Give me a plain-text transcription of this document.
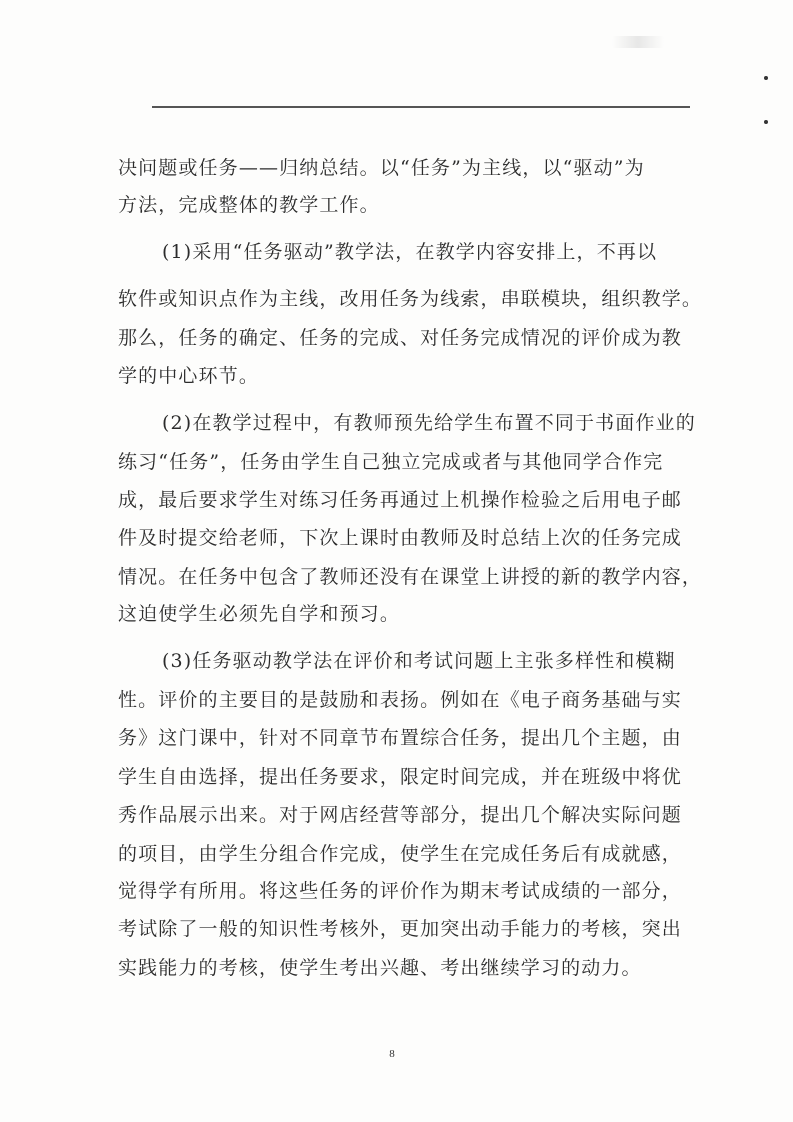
决问题或任务——归纳总结。以“任务”为主线，以“驱动”为
方法，完成整体的教学工作。
(1)采用“任务驱动”教学法，在教学内容安排上，不再以
软件或知识点作为主线，改用任务为线索，串联模块，组织教学。
那么，任务的确定、任务的完成、对任务完成情况的评价成为教
学的中心环节。
(2)在教学过程中，有教师预先给学生布置不同于书面作业的
练习“任务”，任务由学生自己独立完成或者与其他同学合作完
成，最后要求学生对练习任务再通过上机操作检验之后用电子邮
件及时提交给老师，下次上课时由教师及时总结上次的任务完成
情况。在任务中包含了教师还没有在课堂上讲授的新的教学内容，
这迫使学生必须先自学和预习。
(3)任务驱动教学法在评价和考试问题上主张多样性和模糊
性。评价的主要目的是鼓励和表扬。例如在《电子商务基础与实
务》这门课中，针对不同章节布置综合任务，提出几个主题，由
学生自由选择，提出任务要求，限定时间完成，并在班级中将优
秀作品展示出来。对于网店经营等部分，提出几个解决实际问题
的项目，由学生分组合作完成，使学生在完成任务后有成就感，
觉得学有所用。将这些任务的评价作为期末考试成绩的一部分，
考试除了一般的知识性考核外，更加突出动手能力的考核，突出
实践能力的考核，使学生考出兴趣、考出继续学习的动力。
8
